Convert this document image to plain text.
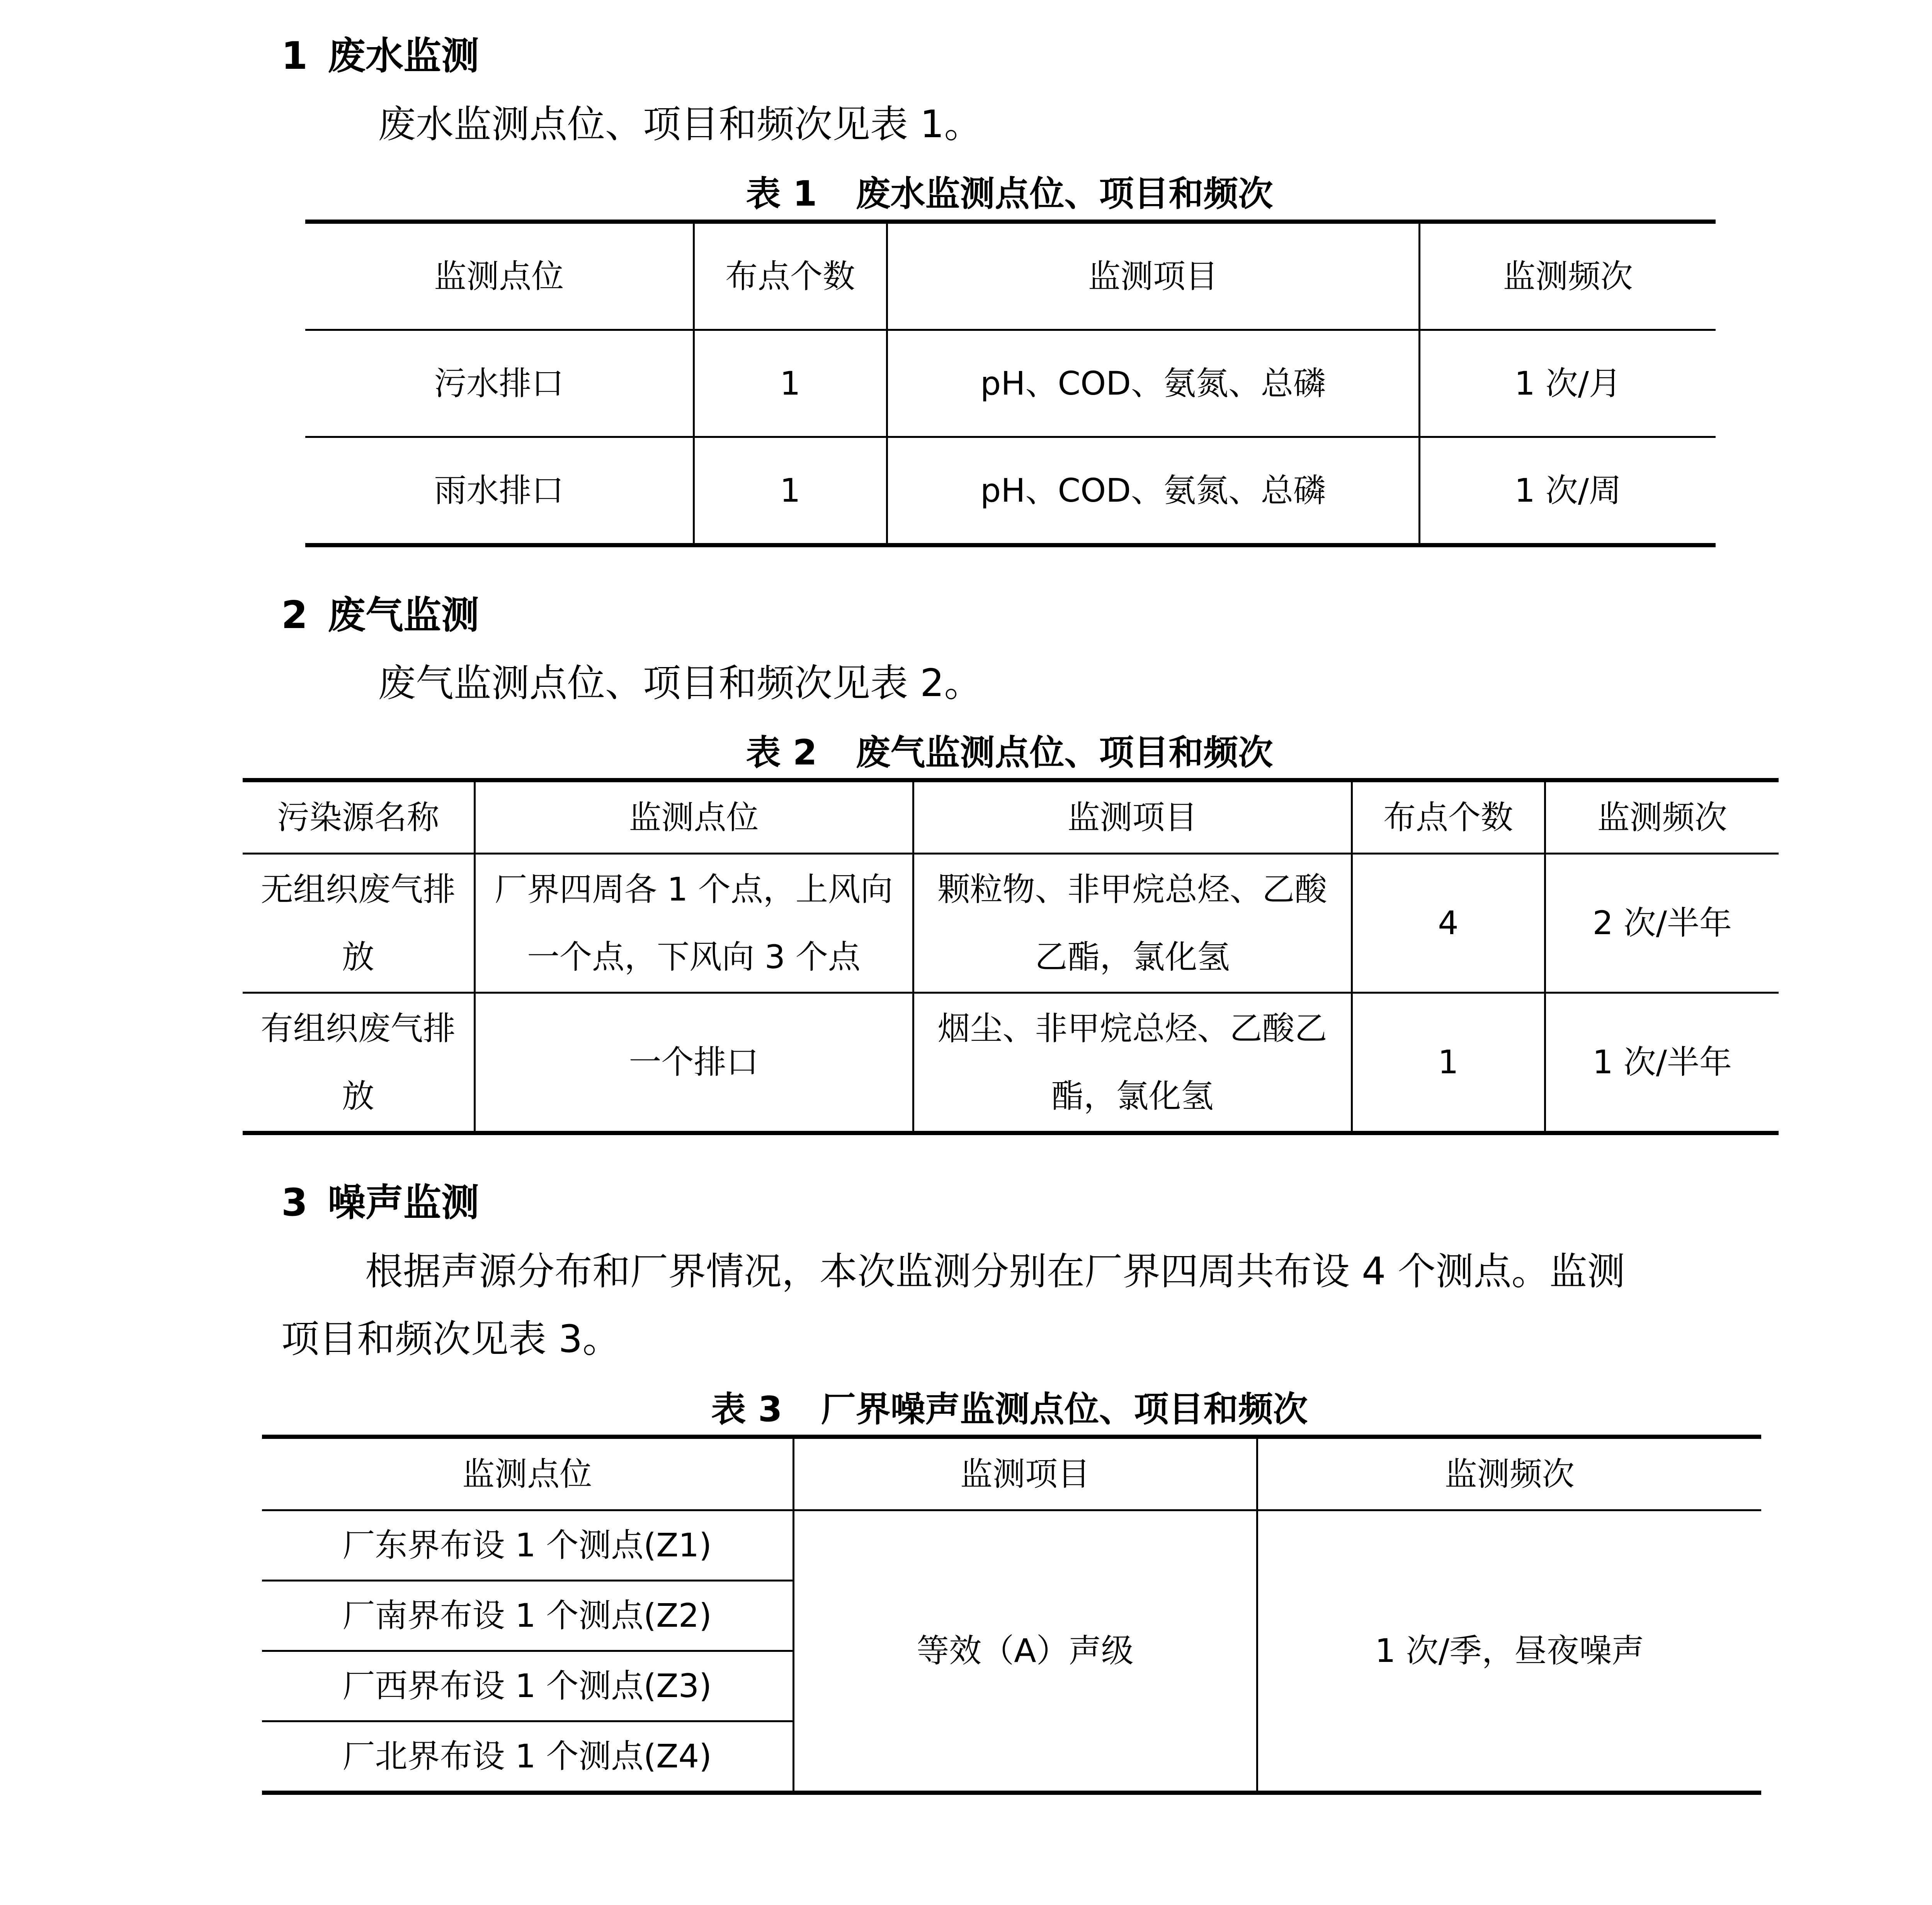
1 废水监测
废水监测点位、项目和频次见表 1。
表 1 废水监测点位、项目和频次
监测点位	布点个数	监测项目	监测频次
污水排口	1	pH、COD、氨氮、总磷	1 次/月
雨水排口	1	pH、COD、氨氮、总磷	1 次/周
2 废气监测
废气监测点位、项目和频次见表 2。
表 2 废气监测点位、项目和频次
污染源名称	监测点位	监测项目	布点个数	监测频次
无组织废气排放	厂界四周各 1 个点，上风向一个点，下风向 3 个点	颗粒物、非甲烷总烃、乙酸乙酯，氯化氢	4	2 次/半年
有组织废气排放	一个排口	烟尘、非甲烷总烃、乙酸乙酯，氯化氢	1	1 次/半年
3 噪声监测
根据声源分布和厂界情况，本次监测分别在厂界四周共布设 4 个测点。监测
项目和频次见表 3。
表 3 厂界噪声监测点位、项目和频次
监测点位	监测项目	监测频次
厂东界布设 1 个测点(Z1)	等效（A）声级	1 次/季，昼夜噪声
厂南界布设 1 个测点(Z2)		
厂西界布设 1 个测点(Z3)		
厂北界布设 1 个测点(Z4)		
